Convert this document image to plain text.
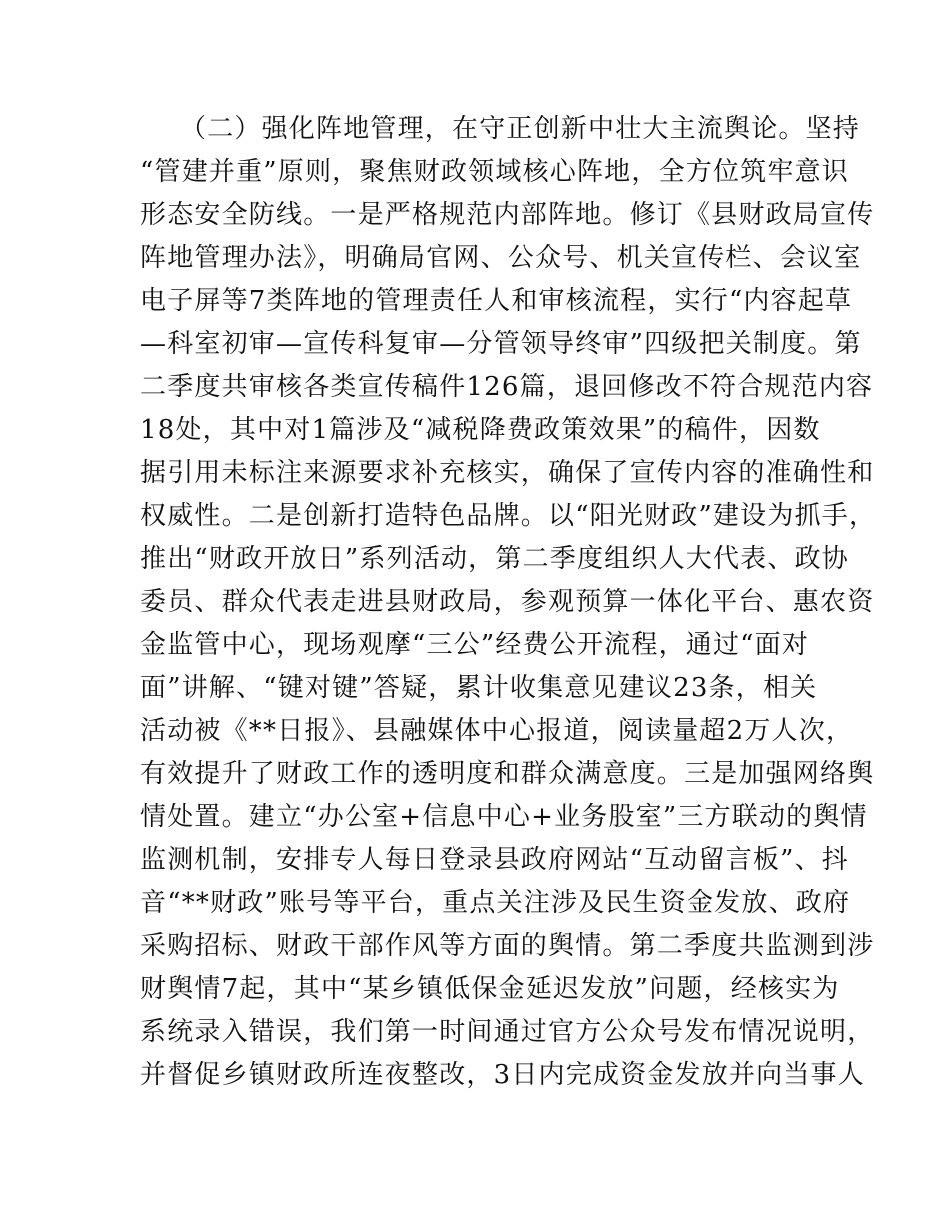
（二）强化阵地管理，在守正创新中壮大主流舆论。坚持
“管建并重”原则，聚焦财政领域核心阵地，全方位筑牢意识
形态安全防线。一是严格规范内部阵地。修订《县财政局宣传
阵地管理办法》，明确局官网、公众号、机关宣传栏、会议室
电子屏等7类阵地的管理责任人和审核流程，实行“内容起草
—科室初审—宣传科复审—分管领导终审”四级把关制度。第
二季度共审核各类宣传稿件126篇，退回修改不符合规范内容
18处，其中对1篇涉及“减税降费政策效果”的稿件，因数
据引用未标注来源要求补充核实，确保了宣传内容的准确性和
权威性。二是创新打造特色品牌。以“阳光财政”建设为抓手，
推出“财政开放日”系列活动，第二季度组织人大代表、政协
委员、群众代表走进县财政局，参观预算一体化平台、惠农资
金监管中心，现场观摩“三公”经费公开流程，通过“面对
面”讲解、“键对键”答疑，累计收集意见建议23条，相关
活动被《**日报》、县融媒体中心报道，阅读量超2万人次，
有效提升了财政工作的透明度和群众满意度。三是加强网络舆
情处置。建立“办公室+信息中心+业务股室”三方联动的舆情
监测机制，安排专人每日登录县政府网站“互动留言板”、抖
音“**财政”账号等平台，重点关注涉及民生资金发放、政府
采购招标、财政干部作风等方面的舆情。第二季度共监测到涉
财舆情7起，其中“某乡镇低保金延迟发放”问题，经核实为
系统录入错误，我们第一时间通过官方公众号发布情况说明，
并督促乡镇财政所连夜整改，3日内完成资金发放并向当事人
